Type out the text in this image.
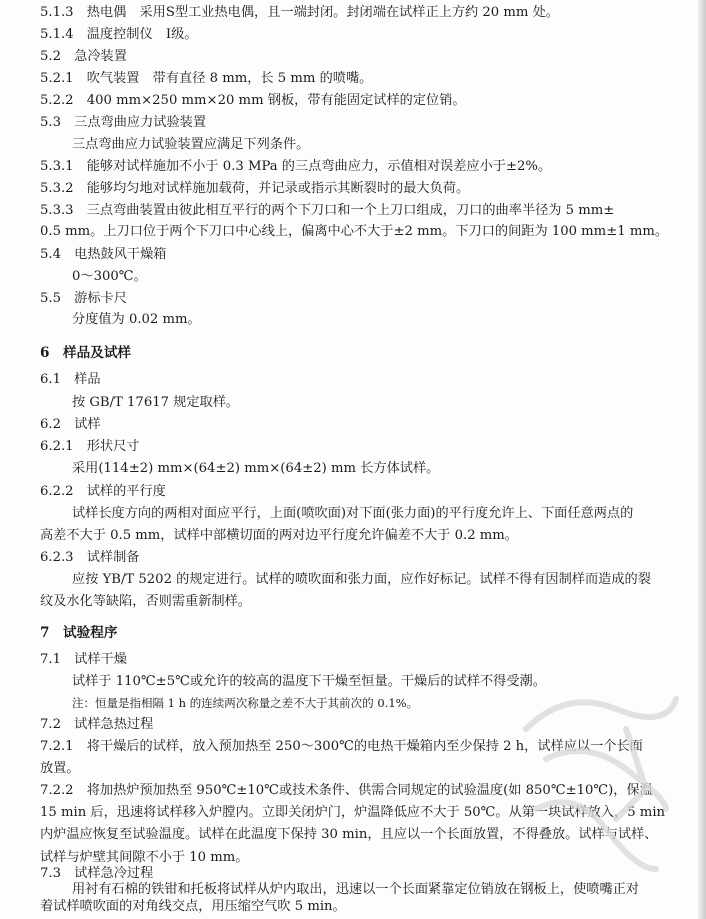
5.1.3　热电偶　采用S型工业热电偶，且一端封闭。封闭端在试样正上方约 20 mm 处。
5.1.4　温度控制仪　I级。
5.2　急冷装置
5.2.1　吹气装置　带有直径 8 mm，长 5 mm 的喷嘴。
5.2.2　400 mm×250 mm×20 mm 钢板，带有能固定试样的定位销。
5.3　三点弯曲应力试验装置
三点弯曲应力试验装置应满足下列条件。
5.3.1　能够对试样施加不小于 0.3 MPa 的三点弯曲应力，示值相对误差应小于±2%。
5.3.2　能够均匀地对试样施加载荷，并记录或指示其断裂时的最大负荷。
5.3.3　三点弯曲装置由彼此相互平行的两个下刀口和一个上刀口组成，刀口的曲率半径为 5 mm±
0.5 mm。上刀口位于两个下刀口中心线上，偏离中心不大于±2 mm。下刀口的间距为 100 mm±1 mm。
5.4　电热鼓风干燥箱
0～300℃。
5.5　游标卡尺
分度值为 0.02 mm。
6　样品及试样
6.1　样品
按 GB/T 17617 规定取样。
6.2　试样
6.2.1　形状尺寸
采用(114±2) mm×(64±2) mm×(64±2) mm 长方体试样。
6.2.2　试样的平行度
试样长度方向的两相对面应平行，上面(喷吹面)对下面(张力面)的平行度允许上、下面任意两点的
高差不大于 0.5 mm，试样中部横切面的两对边平行度允许偏差不大于 0.2 mm。
6.2.3　试样制备
应按 YB/T 5202 的规定进行。试样的喷吹面和张力面，应作好标记。试样不得有因制样而造成的裂
纹及水化等缺陷，否则需重新制样。
7　试验程序
7.1　试样干燥
试样于 110℃±5℃或允许的较高的温度下干燥至恒量。干燥后的试样不得受潮。
注：恒量是指相隔 1 h 的连续两次称量之差不大于其前次的 0.1%。
7.2　试样急热过程
7.2.1　将干燥后的试样，放入预加热至 250～300℃的电热干燥箱内至少保持 2 h，试样应以一个长面
放置。
7.2.2　将加热炉预加热至 950℃±10℃或技术条件、供需合同规定的试验温度(如 850℃±10℃)，保温
15 min 后，迅速将试样移入炉膛内。立即关闭炉门，炉温降低应不大于 50℃。从第一块试样放入，5 min
内炉温应恢复至试验温度。试样在此温度下保持 30 min，且应以一个长面放置，不得叠放。试样与试样、
试样与炉壁其间隙不小于 10 mm。
7.3　试样急冷过程
用衬有石棉的铁钳和托板将试样从炉内取出，迅速以一个长面紧靠定位销放在钢板上，使喷嘴正对
着试样喷吹面的对角线交点，用压缩空气吹 5 min。
